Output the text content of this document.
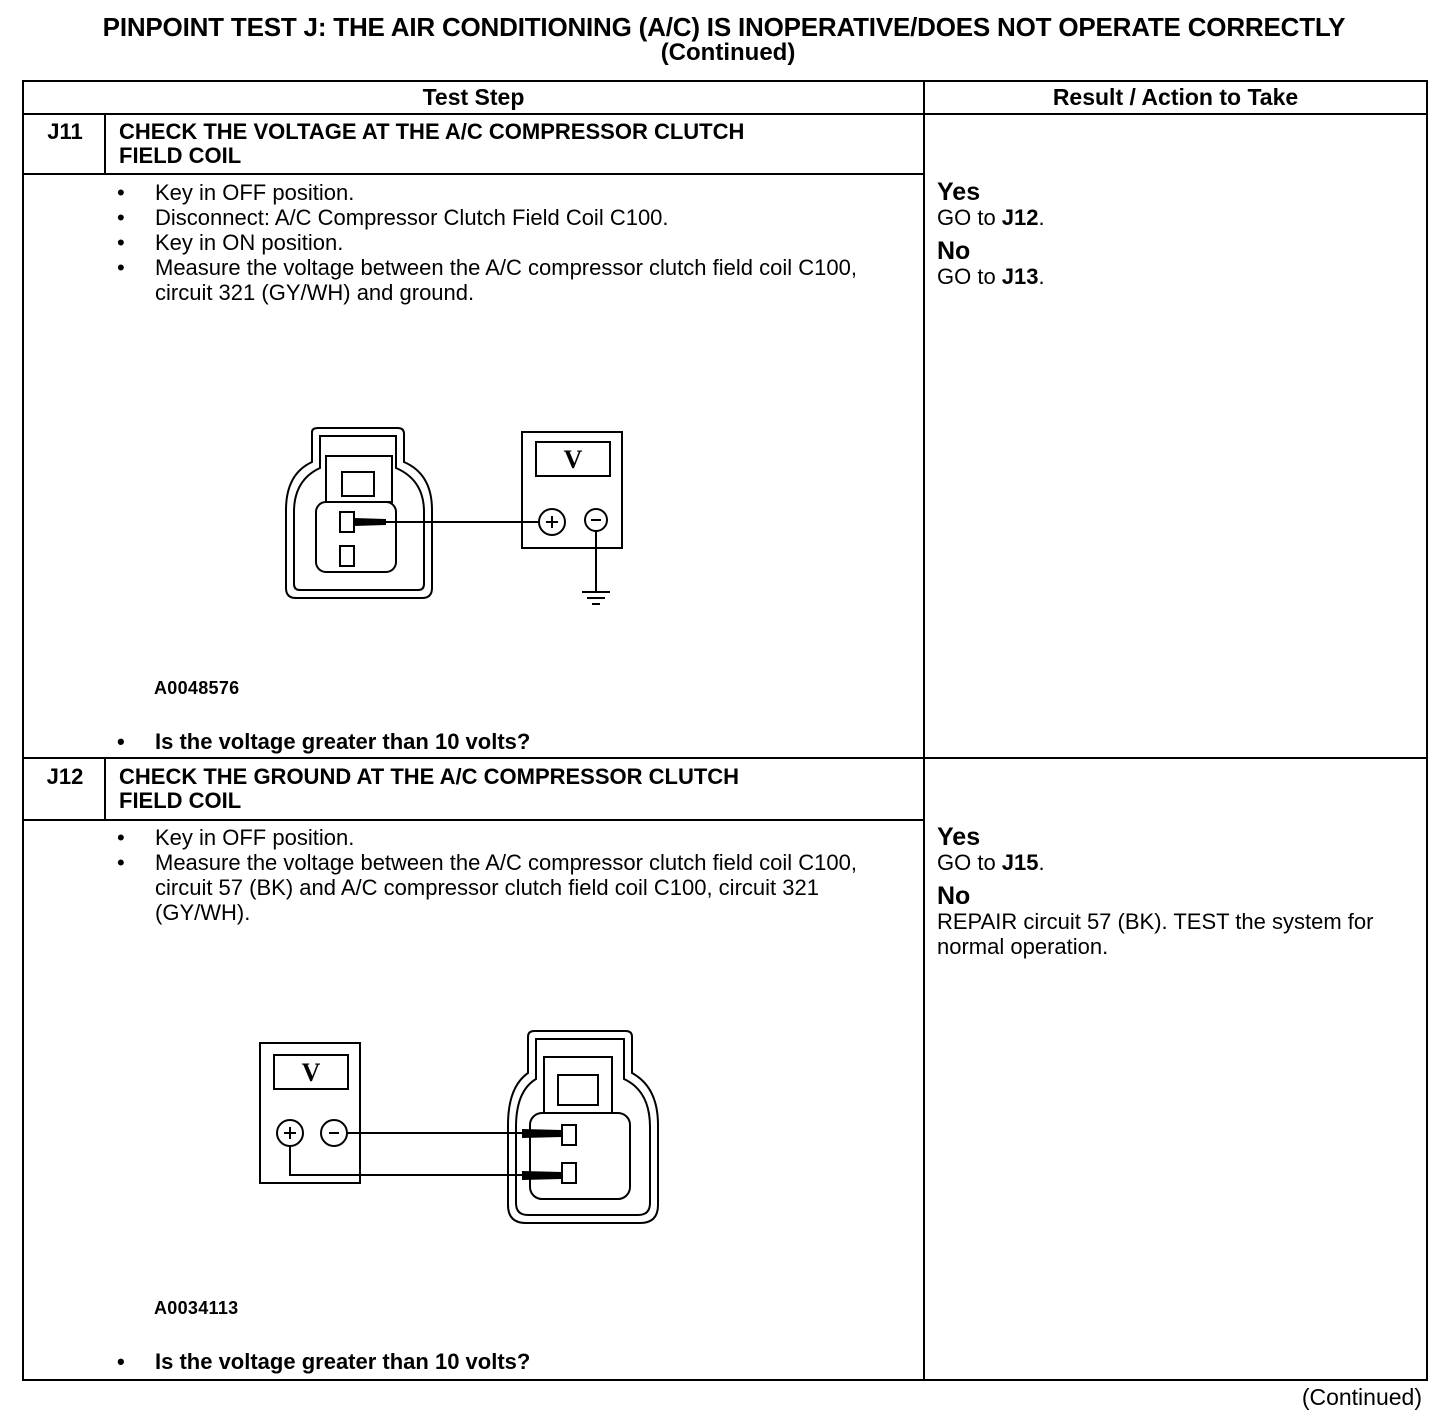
PINPOINT TEST J: THE AIR CONDITIONING (A/C) IS INOPERATIVE/DOES NOT OPERATE CORRECTLY
(Continued)
Test Step	Result / Action to Take
J11	CHECK THE VOLTAGE AT THE A/C COMPRESSOR CLUTCH
FIELD COIL
• Key in OFF position.
• Disconnect: A/C Compressor Clutch Field Coil C100.
• Key in ON position.
• Measure the voltage between the A/C compressor clutch field coil C100, circuit 321 (GY/WH) and ground.
V
A0048576
• Is the voltage greater than 10 volts?
Yes
GO to J12.
No
GO to J13.
J12	CHECK THE GROUND AT THE A/C COMPRESSOR CLUTCH
FIELD COIL
• Key in OFF position.
• Measure the voltage between the A/C compressor clutch field coil C100, circuit 57 (BK) and A/C compressor clutch field coil C100, circuit 321 (GY/WH).
V
A0034113
• Is the voltage greater than 10 volts?
Yes
GO to J15.
No
REPAIR circuit 57 (BK). TEST the system for normal operation.
(Continued)
